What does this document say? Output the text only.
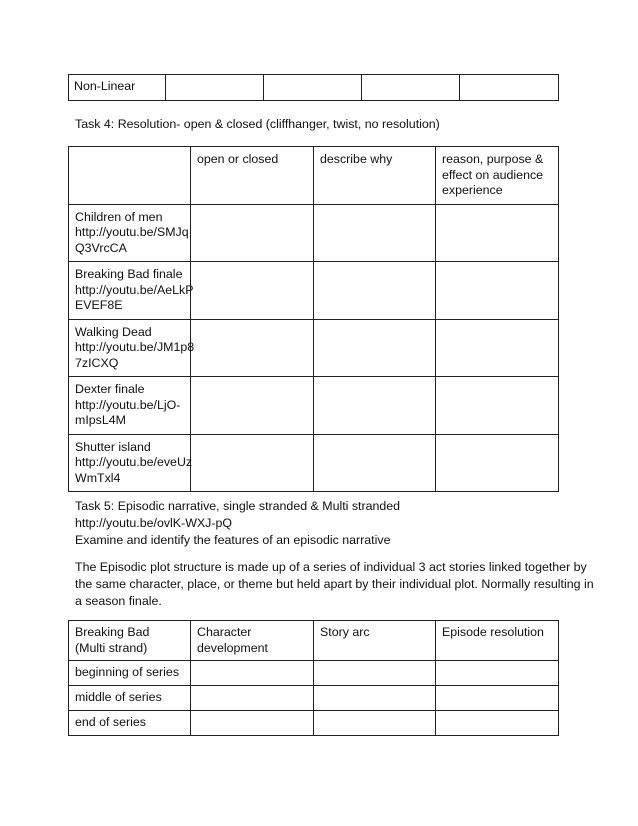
Non-Linear				

Task 4: Resolution- open & closed (cliffhanger, twist, no resolution)

	open or closed	describe why	reason, purpose & effect on audience experience

Children of men
http://youtu.be/SMJq
Q3VrcCA			

Breaking Bad finale
http://youtu.be/AeLkP
EVEF8E			

Walking Dead
http://youtu.be/JM1p8
7zICXQ			

Dexter finale
http://youtu.be/LjO-
mIpsL4M			

Shutter island
http://youtu.be/eveUz
WmTxl4			

Task 5: Episodic narrative, single stranded & Multi stranded

http://youtu.be/ovlK-WXJ-pQ

Examine and identify the features of an episodic narrative

The Episodic plot structure is made up of a series of individual 3 act stories linked together by
the same character, place, or theme but held apart by their individual plot. Normally resulting in
a season finale.

Breaking Bad
(Multi strand)	Character
development	Story arc	Episode resolution
beginning of series			
middle of series			
end of series			
